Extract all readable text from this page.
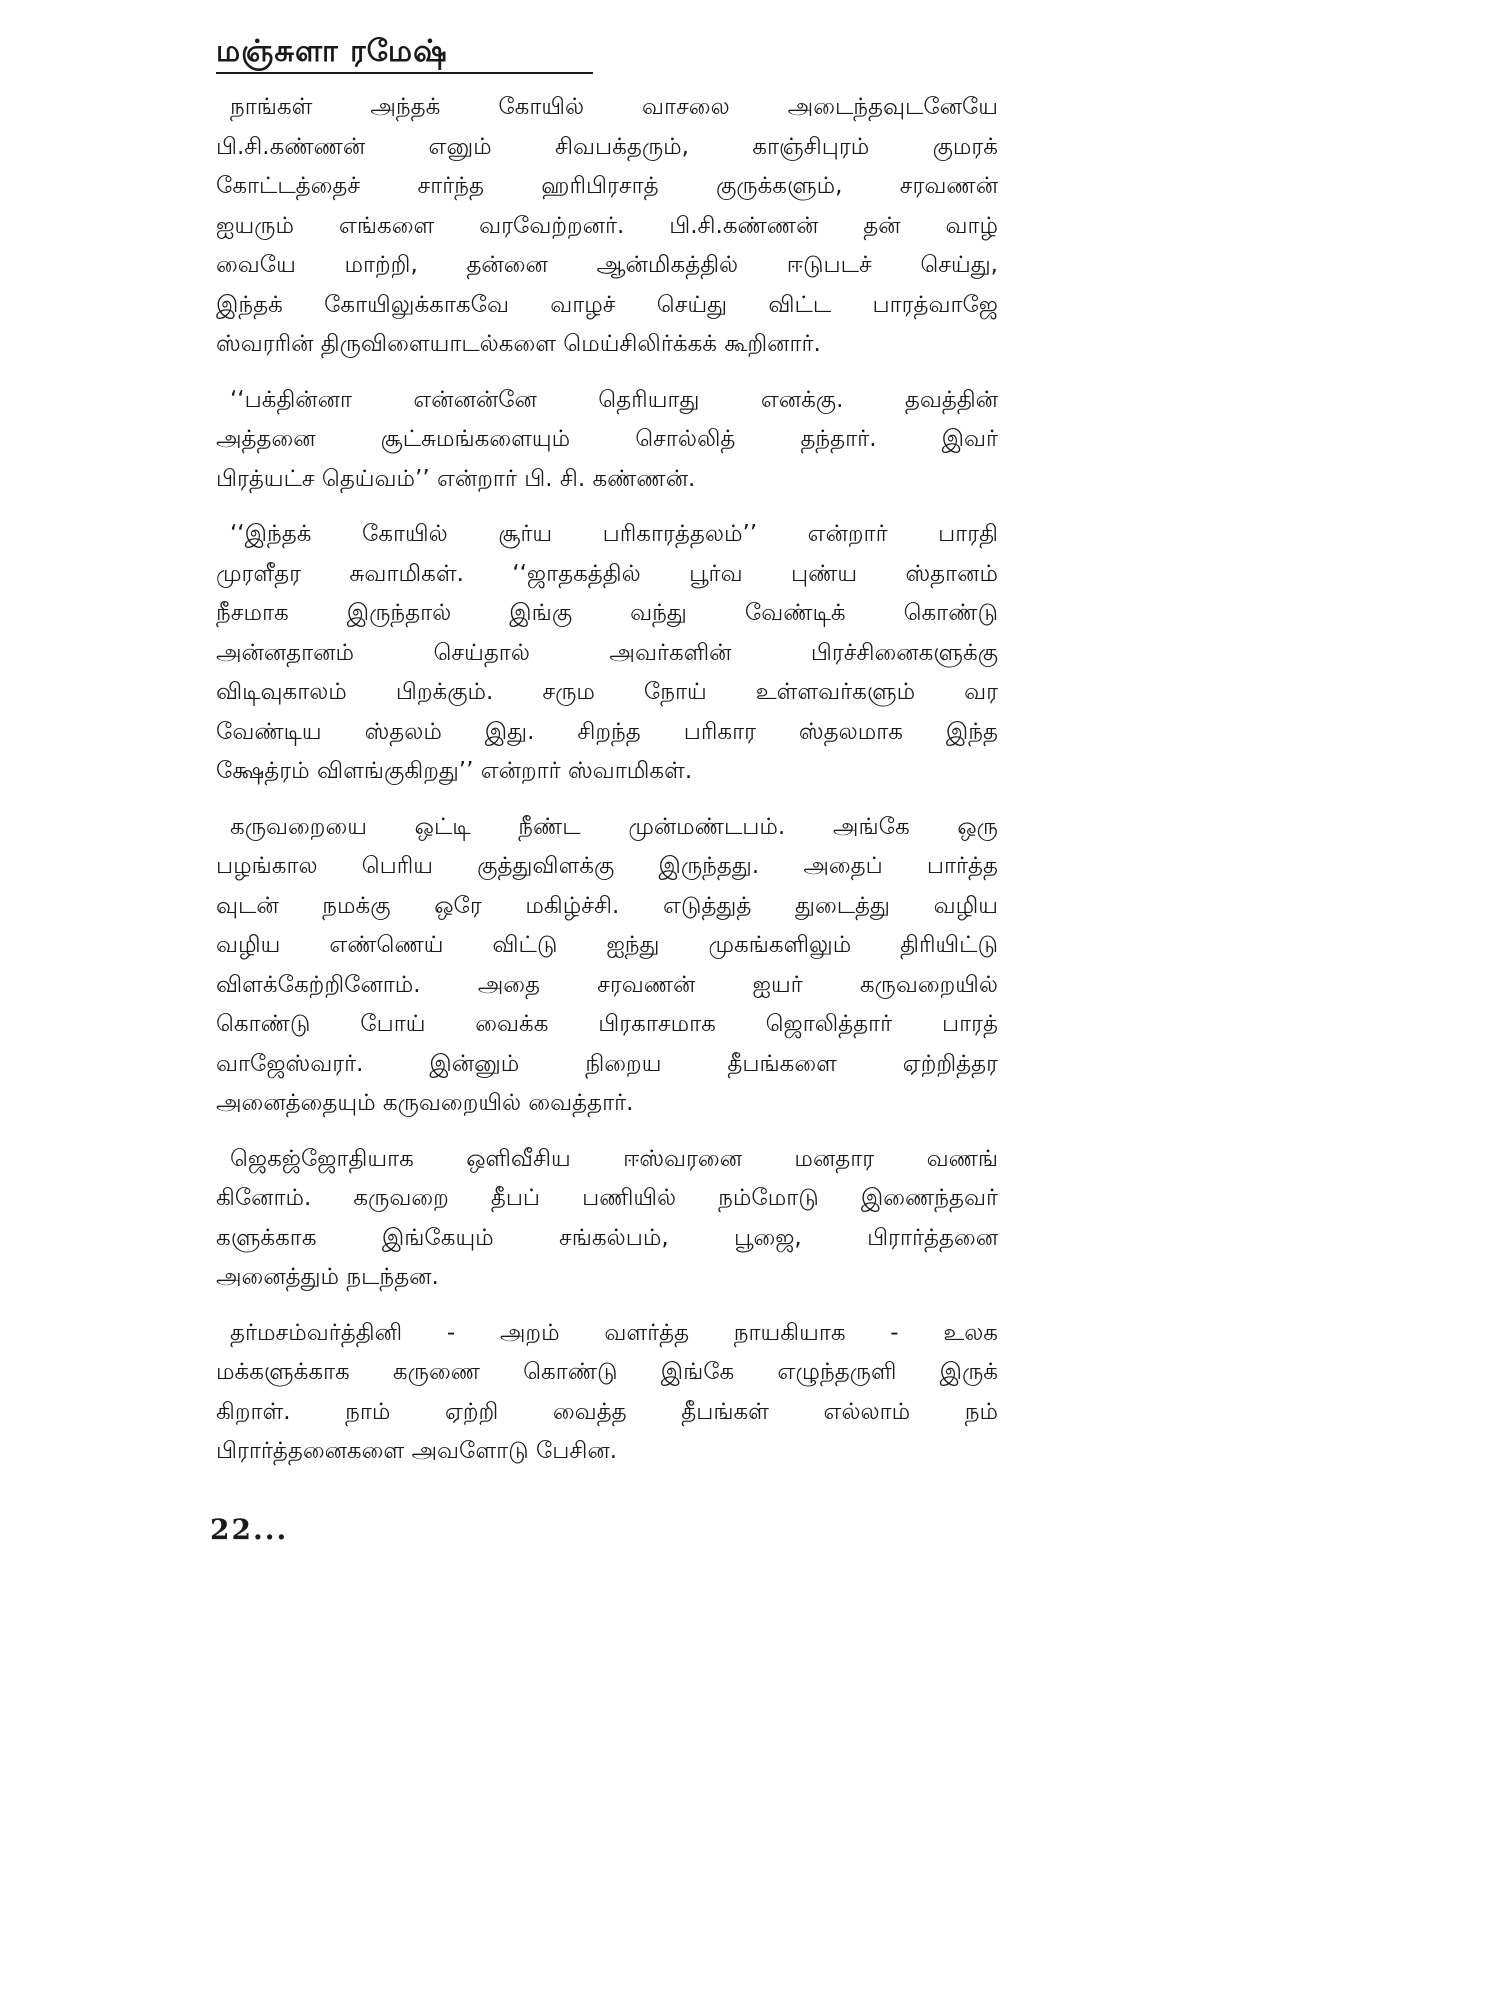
மஞ்சுளா ரமேஷ்
நாங்கள் அந்தக் கோயில் வாசலை அடைந்தவுடனேயே
பி.சி.கண்ணன் எனும் சிவபக்தரும், காஞ்சிபுரம் குமரக்
கோட்டத்தைச் சார்ந்த ஹரிபிரசாத் குருக்களும், சரவணன்
ஐயரும் எங்களை வரவேற்றனர். பி.சி.கண்ணன் தன் வாழ்
வையே மாற்றி, தன்னை ஆன்மிகத்தில் ஈடுபடச் செய்து,
இந்தக் கோயிலுக்காகவே வாழச் செய்து விட்ட பாரத்வாஜே
ஸ்வரரின் திருவிளையாடல்களை மெய்சிலிர்க்கக் கூறினார்.
‘‘பக்தின்னா என்னன்னே தெரியாது எனக்கு. தவத்தின்
அத்தனை சூட்சுமங்களையும் சொல்லித் தந்தார். இவர்
பிரத்யட்ச தெய்வம்’’ என்றார் பி. சி. கண்ணன்.
‘‘இந்தக் கோயில் சூர்ய பரிகாரத்தலம்’’ என்றார் பாரதி
முரளீதர சுவாமிகள். ‘‘ஜாதகத்தில் பூர்வ புண்ய ஸ்தானம்
நீசமாக இருந்தால் இங்கு வந்து வேண்டிக் கொண்டு
அன்னதானம் செய்தால் அவர்களின் பிரச்சினைகளுக்கு
விடிவுகாலம் பிறக்கும். சரும நோய் உள்ளவர்களும் வர
வேண்டிய ஸ்தலம் இது. சிறந்த பரிகார ஸ்தலமாக இந்த
க்ஷேத்ரம் விளங்குகிறது’’ என்றார் ஸ்வாமிகள்.
கருவறையை ஒட்டி நீண்ட முன்மண்டபம். அங்கே ஒரு
பழங்கால பெரிய குத்துவிளக்கு இருந்தது. அதைப் பார்த்த
வுடன் நமக்கு ஒரே மகிழ்ச்சி. எடுத்துத் துடைத்து வழிய
வழிய எண்ணெய் விட்டு ஐந்து முகங்களிலும் திரியிட்டு
விளக்கேற்றினோம். அதை சரவணன் ஐயர் கருவறையில்
கொண்டு போய் வைக்க பிரகாசமாக ஜொலித்தார் பாரத்
வாஜேஸ்வரர். இன்னும் நிறைய தீபங்களை ஏற்றித்தர
அனைத்தையும் கருவறையில் வைத்தார்.
ஜெகஜ்ஜோதியாக ஒளிவீசிய ஈஸ்வரனை மனதார வணங்
கினோம். கருவறை தீபப் பணியில் நம்மோடு இணைந்தவர்
களுக்காக இங்கேயும் சங்கல்பம், பூஜை, பிரார்த்தனை
அனைத்தும் நடந்தன.
தர்மசம்வர்த்தினி - அறம் வளர்த்த நாயகியாக - உலக
மக்களுக்காக கருணை கொண்டு இங்கே எழுந்தருளி இருக்
கிறாள். நாம் ஏற்றி வைத்த தீபங்கள் எல்லாம் நம்
பிரார்த்தனைகளை அவளோடு பேசின.
22...
